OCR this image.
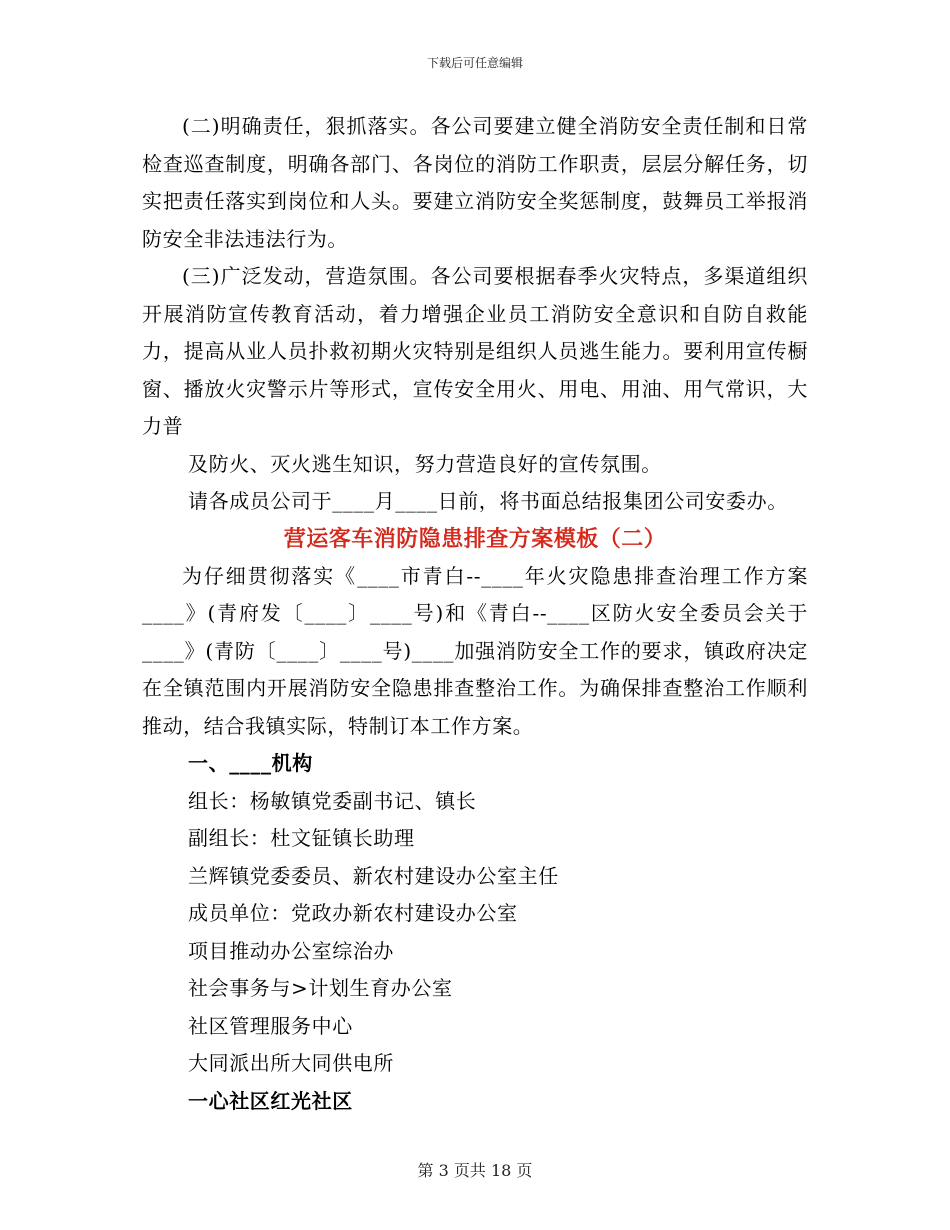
下载后可任意编辑

(二)明确责任，狠抓落实。各公司要建立健全消防安全责任制和日常检查巡查制度，明确各部门、各岗位的消防工作职责，层层分解任务，切实把责任落实到岗位和人头。要建立消防安全奖惩制度，鼓舞员工举报消防安全非法违法行为。

(三)广泛发动，营造氛围。各公司要根据春季火灾特点，多渠道组织开展消防宣传教育活动，着力增强企业员工消防安全意识和自防自救能力，提高从业人员扑救初期火灾特别是组织人员逃生能力。要利用宣传橱窗、播放火灾警示片等形式，宣传安全用火、用电、用油、用气常识，大力普

及防火、灭火逃生知识，努力营造良好的宣传氛围。

请各成员公司于____月____日前，将书面总结报集团公司安委办。

营运客车消防隐患排查方案模板（二）

为仔细贯彻落实《____市青白--____年火灾隐患排查治理工作方案____》(青府发〔____〕____号)和《青白--____区防火安全委员会关于____》(青防〔____〕____号)____加强消防安全工作的要求，镇政府决定在全镇范围内开展消防安全隐患排查整治工作。为确保排查整治工作顺利推动，结合我镇实际，特制订本工作方案。

一、____机构

组长：杨敏镇党委副书记、镇长

副组长：杜文钲镇长助理

兰辉镇党委委员、新农村建设办公室主任

成员单位：党政办新农村建设办公室

项目推动办公室综治办

社会事务与>计划生育办公室

社区管理服务中心

大同派出所大同供电所

一心社区红光社区

第 3 页共 18 页
